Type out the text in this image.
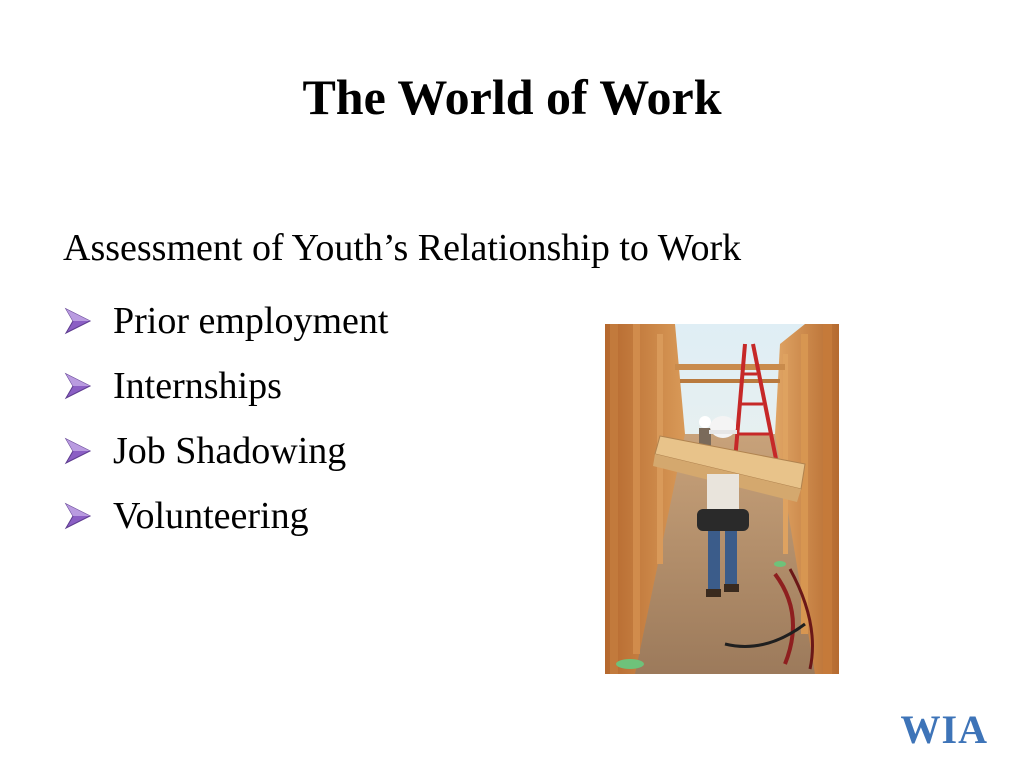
The World of Work
Assessment of Youth’s Relationship to Work
Prior employment
Internships
Job Shadowing
Volunteering
WIA
